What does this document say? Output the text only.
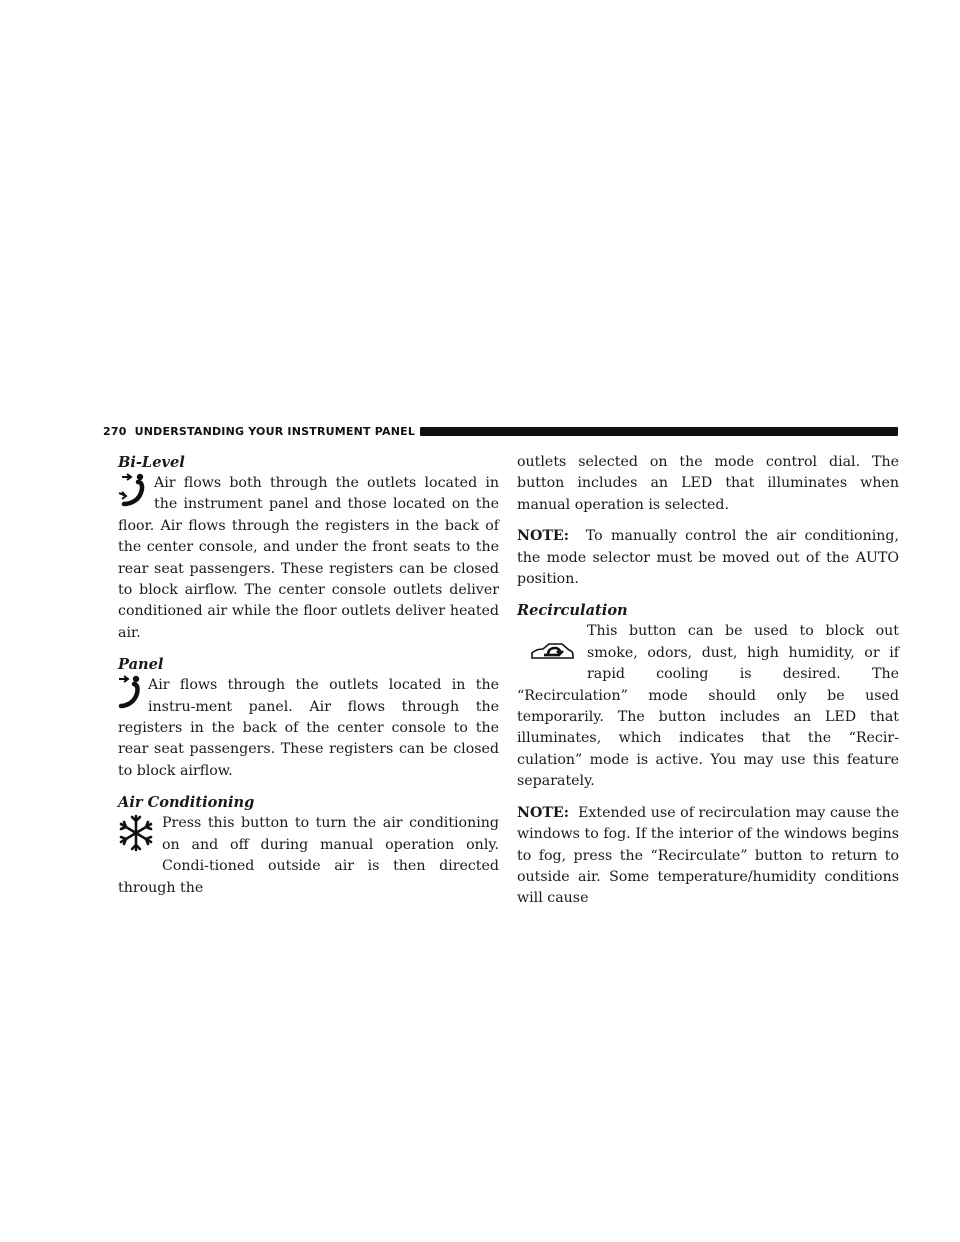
270 UNDERSTANDING YOUR INSTRUMENT PANEL

Bi-Level

Air flows both through the outlets located in the instrument panel and those located on the floor. Air flows through the registers in the back of the center console, and under the front seats to the rear seat passengers. These registers can be closed to block airflow. The center console outlets deliver conditioned air while the floor outlets deliver heated air.

Panel

Air flows through the outlets located in the instru-ment panel. Air flows through the registers in the back of the center console to the rear seat passengers. These registers can be closed to block airflow.

Air Conditioning

Press this button to turn the air conditioning on and off during manual operation only. Condi-tioned outside air is then directed through the

outlets selected on the mode control dial. The button includes an LED that illuminates when manual operation is selected.

NOTE: To manually control the air conditioning, the mode selector must be moved out of the AUTO position.

Recirculation

This button can be used to block out smoke, odors, dust, high humidity, or if rapid cooling is desired. The “Recirculation” mode should only be used temporarily. The button includes an LED that illuminates, which indicates that the “Recir-culation” mode is active. You may use this feature separately.

NOTE: Extended use of recirculation may cause the windows to fog. If the interior of the windows begins to fog, press the “Recirculate” button to return to outside air. Some temperature/humidity conditions will cause
